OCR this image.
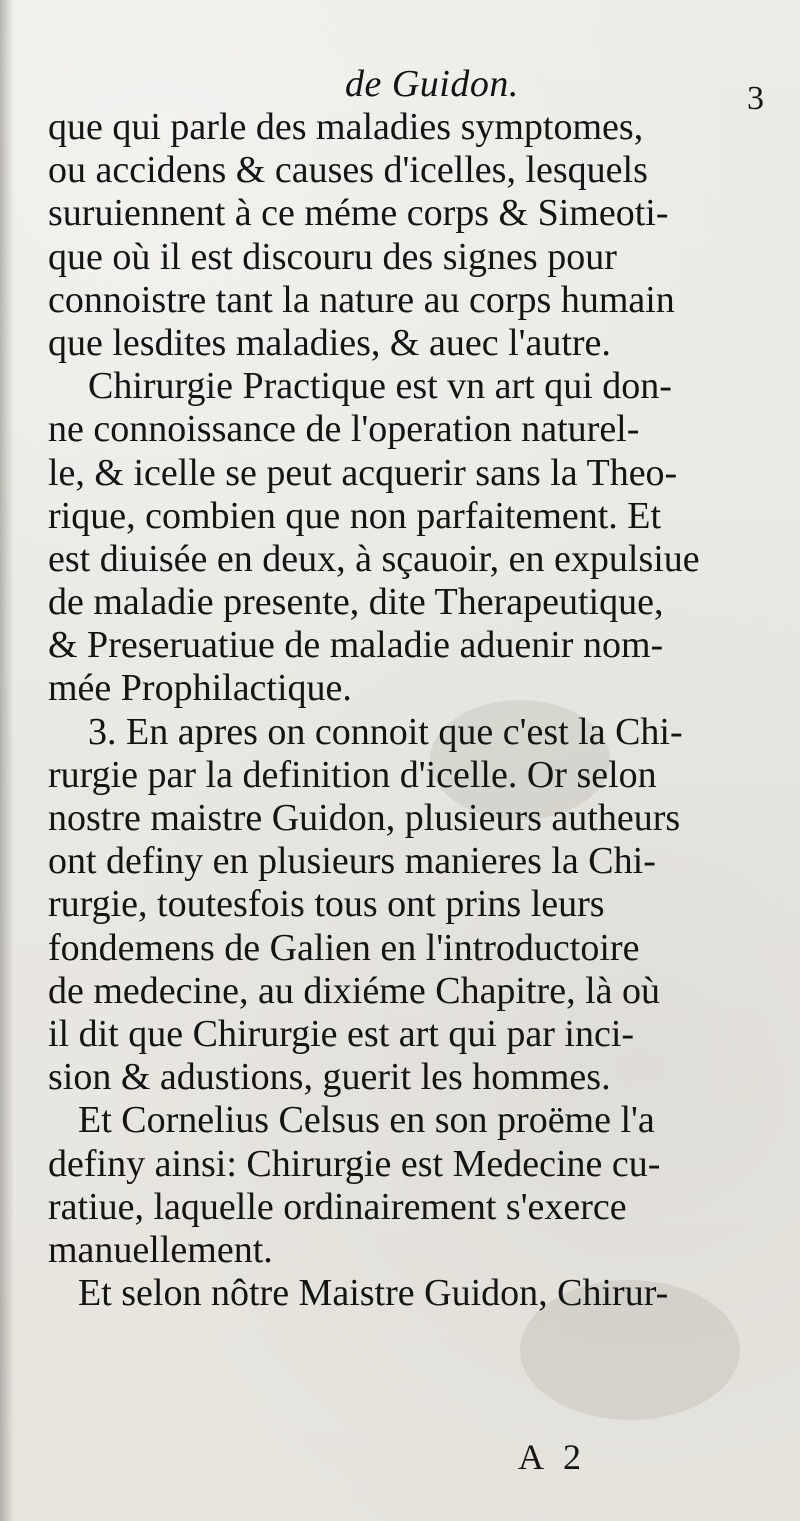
de Guidon.	3
que qui parle des maladies symptomes,
ou accidens & causes d'icelles, lesquels
suruiennent à ce méme corps & Simeoti-
que où il est discouru des signes pour
connoistre tant la nature au corps humain
que lesdites maladies, & auec l'autre.
Chirurgie Practique est vn art qui don-
ne connoissance de l'operation naturel-
le, & icelle se peut acquerir sans la Theo-
rique, combien que non parfaitement. Et
est diuisée en deux, à sçauoir, en expulsiue
de maladie presente, dite Therapeutique,
& Preseruatiue de maladie aduenir nom-
mée Prophilactique.
3. En apres on connoit que c'est la Chi-
rurgie par la definition d'icelle. Or selon
nostre maistre Guidon, plusieurs autheurs
ont definy en plusieurs manieres la Chi-
rurgie, toutesfois tous ont prins leurs
fondemens de Galien en l'introductoire
de medecine, au dixiéme Chapitre, là où
il dit que Chirurgie est art qui par inci-
sion & adustions, guerit les hommes.
Et Cornelius Celsus en son proëme l'a
definy ainsi: Chirurgie est Medecine cu-
ratiue, laquelle ordinairement s'exerce
manuellement.
Et selon nôtre Maistre Guidon, Chirur-
A 2
